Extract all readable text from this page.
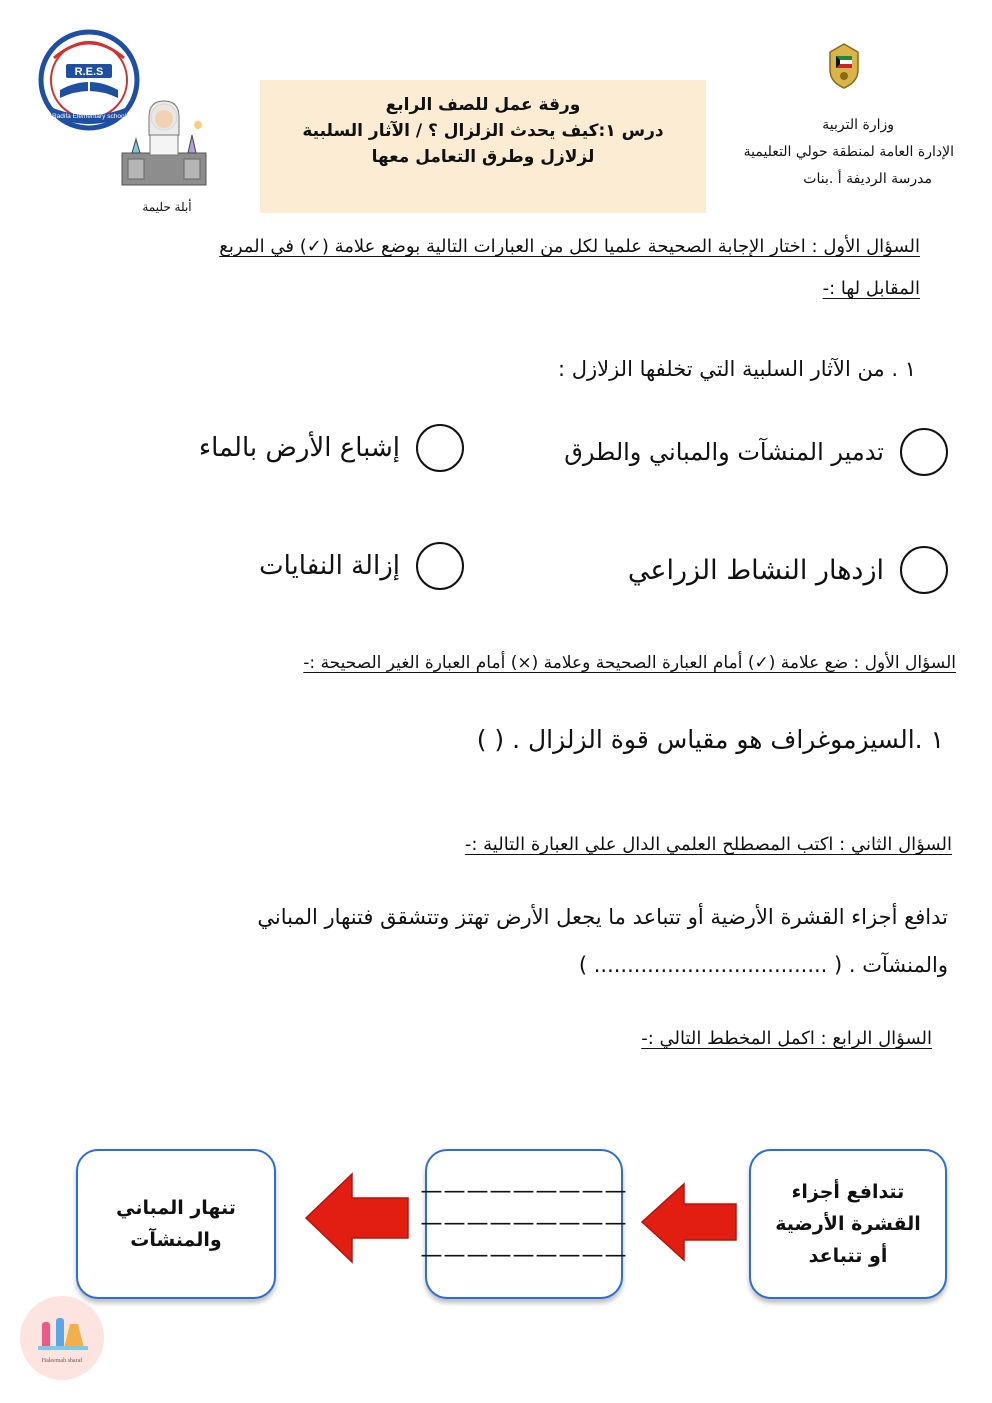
وزارة التربية
الإدارة العامة لمنطقة حولي التعليمية
مدرسة الرديفة أ .بنات
ورقة عمل للصف الرابع
درس ١:كيف يحدث الزلزال ؟ / الآثار السلبية
لزلازل وطرق التعامل معها
R.E.S
Radifa Elementary school
أبلة حليمة
السؤال الأول : اختار الإجابة الصحيحة علميا لكل من العبارات التالية بوضع علامة (✓) في المربع
المقابل لها :-
١ . من الآثار السلبية التي تخلفها الزلازل :
تدمير المنشآت والمباني والطرق
إشباع الأرض بالماء
ازدهار النشاط الزراعي
إزالة النفايات
السؤال الأول : ضع علامة (✓) أمام العبارة الصحيحة وعلامة (×) أمام العبارة الغير الصحيحة :-
١ .السيزموغراف هو مقياس قوة الزلزال . ( )
السؤال الثاني : اكتب المصطلح العلمي الدال علي العبارة التالية :-
تدافع أجزاء القشرة الأرضية أو تتباعد ما يجعل الأرض تهتز وتتشقق فتنهار المباني
والمنشآت . ( ................................... )
السؤال الرابع : اكمل المخطط التالي :-
تتدافع أجزاء القشرة الأرضية أو تتباعد
—————————
—————————
—————————
تنهار المباني والمنشآت
Haleemah sharaf
